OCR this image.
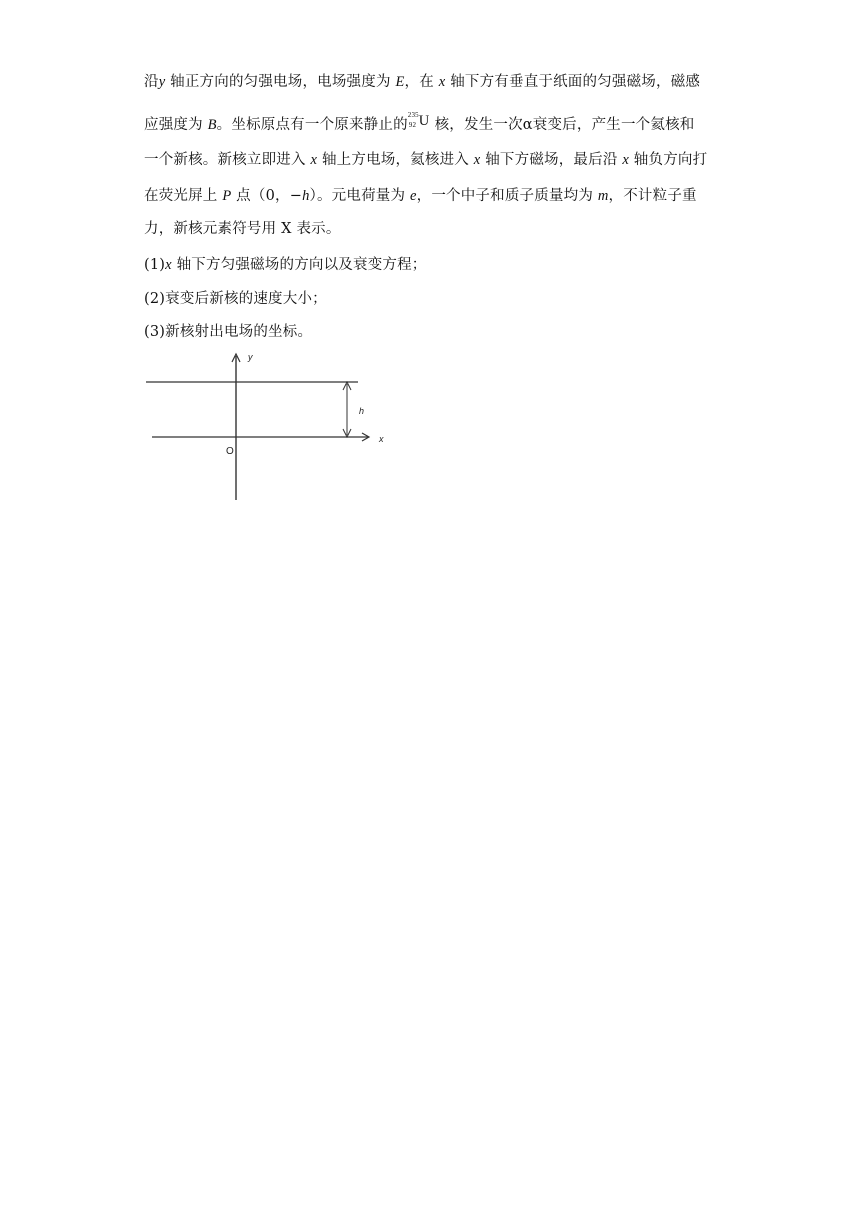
沿y 轴正方向的匀强电场，电场强度为 E，在 x 轴下方有垂直于纸面的匀强磁场，磁感
应强度为 B。坐标原点有一个原来静止的
235
92 U 核，发生一次α衰变后，产生一个氦核和
一个新核。新核立即进入 x 轴上方电场，氦核进入 x 轴下方磁场，最后沿 x 轴负方向打
在荧光屏上 P 点（0，−h）。元电荷量为 e，一个中子和质子质量均为 m，不计粒子重
力，新核元素符号用 X 表示。
(1)x 轴下方匀强磁场的方向以及衰变方程；
(2)衰变后新核的速度大小；
(3)新核射出电场的坐标。
y
x
O
h
